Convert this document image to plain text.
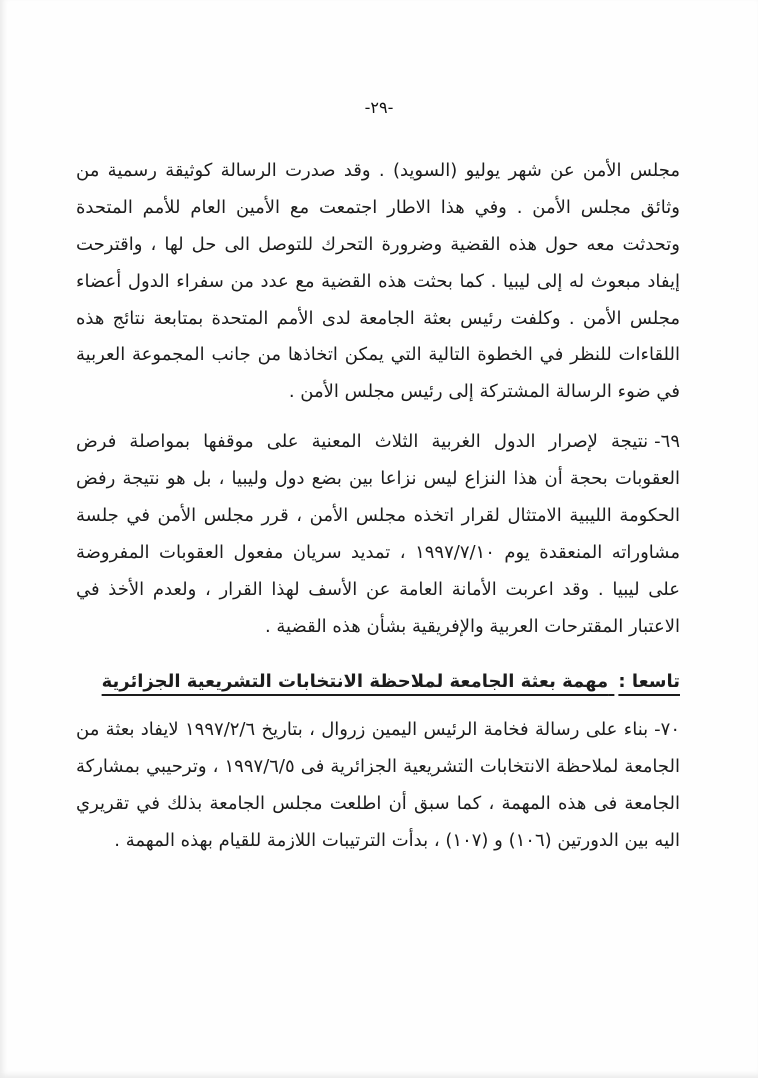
-٢٩-

مجلس الأمن عن شهر يوليو (السويد) . وقد صدرت الرسالة كوثيقة رسمية من وثائق مجلس الأمن . وفي هذا الاطار اجتمعت مع الأمين العام للأمم المتحدة وتحدثت معه حول هذه القضية وضرورة التحرك للتوصل الى حل لها ، واقترحت إيفاد مبعوث له إلى ليبيا . كما بحثت هذه القضية مع عدد من سفراء الدول أعضاء مجلس الأمن . وكلفت رئيس بعثة الجامعة لدى الأمم المتحدة بمتابعة نتائج هذه اللقاءات للنظر في الخطوة التالية التي يمكن اتخاذها من جانب المجموعة العربية في ضوء الرسالة المشتركة إلى رئيس مجلس الأمن .

٦٩-نتيجة لإصرار الدول الغربية الثلاث المعنية على موقفها بمواصلة فرض العقوبات بحجة أن هذا النزاع ليس نزاعا بين بضع دول وليبيا ، بل هو نتيجة رفض الحكومة الليبية الامتثال لقرار اتخذه مجلس الأمن ، قرر مجلس الأمن في جلسة مشاوراته المنعقدة يوم ١٩٩٧/٧/١٠ ، تمديد سريان مفعول العقوبات المفروضة على ليبيا . وقد اعربت الأمانة العامة عن الأسف لهذا القرار ، ولعدم الأخذ في الاعتبار المقترحات العربية والإفريقية بشأن هذه القضية .

تاسعا : مهمة بعثة الجامعة لملاحظة الانتخابات التشريعية الجزائرية

٧٠-بناء على رسالة فخامة الرئيس اليمين زروال ، بتاريخ ١٩٩٧/٢/٦ لايفاد بعثة من الجامعة لملاحظة الانتخابات التشريعية الجزائرية فى ١٩٩٧/٦/٥ ، وترحيبي بمشاركة الجامعة فى هذه المهمة ، كما سبق أن اطلعت مجلس الجامعة بذلك في تقريري اليه بين الدورتين (١٠٦) و (١٠٧) ، بدأت الترتيبات اللازمة للقيام بهذه المهمة .
